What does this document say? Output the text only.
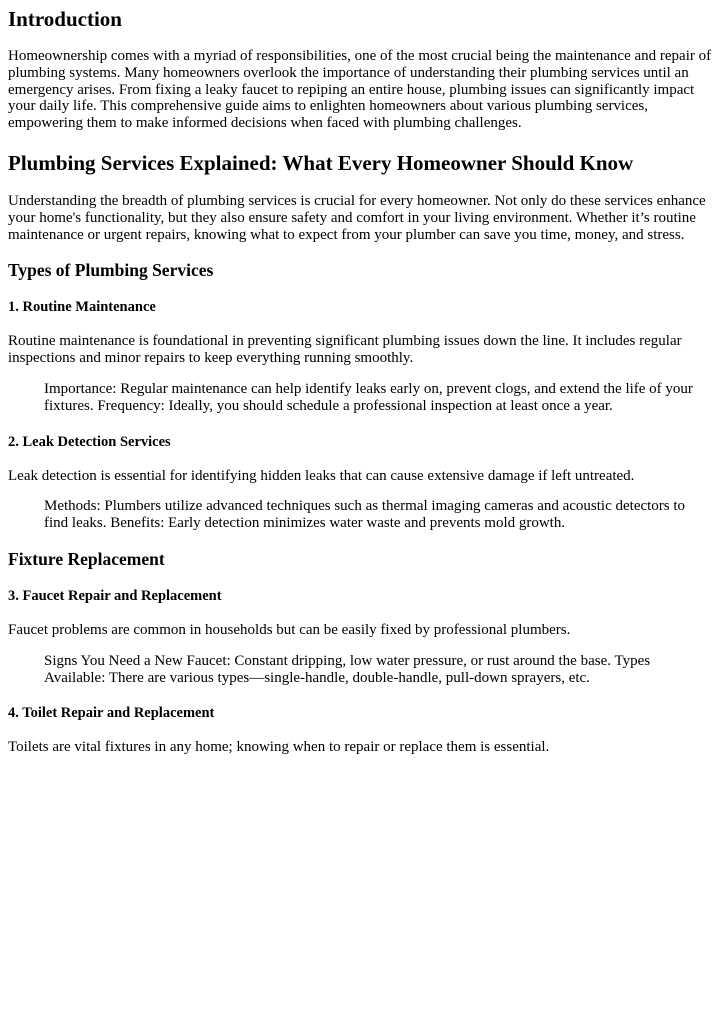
Introduction

Homeownership comes with a myriad of responsibilities, one of the most crucial being the maintenance and repair of plumbing systems. Many homeowners overlook the importance of understanding their plumbing services until an emergency arises. From fixing a leaky faucet to repiping an entire house, plumbing issues can significantly impact your daily life. This comprehensive guide aims to enlighten homeowners about various plumbing services, empowering them to make informed decisions when faced with plumbing challenges.

Plumbing Services Explained: What Every Homeowner Should Know

Understanding the breadth of plumbing services is crucial for every homeowner. Not only do these services enhance your home's functionality, but they also ensure safety and comfort in your living environment. Whether it’s routine maintenance or urgent repairs, knowing what to expect from your plumber can save you time, money, and stress.

Types of Plumbing Services
1. Routine Maintenance

Routine maintenance is foundational in preventing significant plumbing issues down the line. It includes regular inspections and minor repairs to keep everything running smoothly.

Importance: Regular maintenance can help identify leaks early on, prevent clogs, and extend the life of your fixtures. Frequency: Ideally, you should schedule a professional inspection at least once a year.

2. Leak Detection Services

Leak detection is essential for identifying hidden leaks that can cause extensive damage if left untreated.

Methods: Plumbers utilize advanced techniques such as thermal imaging cameras and acoustic detectors to find leaks. Benefits: Early detection minimizes water waste and prevents mold growth.

Fixture Replacement
3. Faucet Repair and Replacement

Faucet problems are common in households but can be easily fixed by professional plumbers.

Signs You Need a New Faucet: Constant dripping, low water pressure, or rust around the base. Types Available: There are various types—single-handle, double-handle, pull-down sprayers, etc.

4. Toilet Repair and Replacement

Toilets are vital fixtures in any home; knowing when to repair or replace them is essential.
